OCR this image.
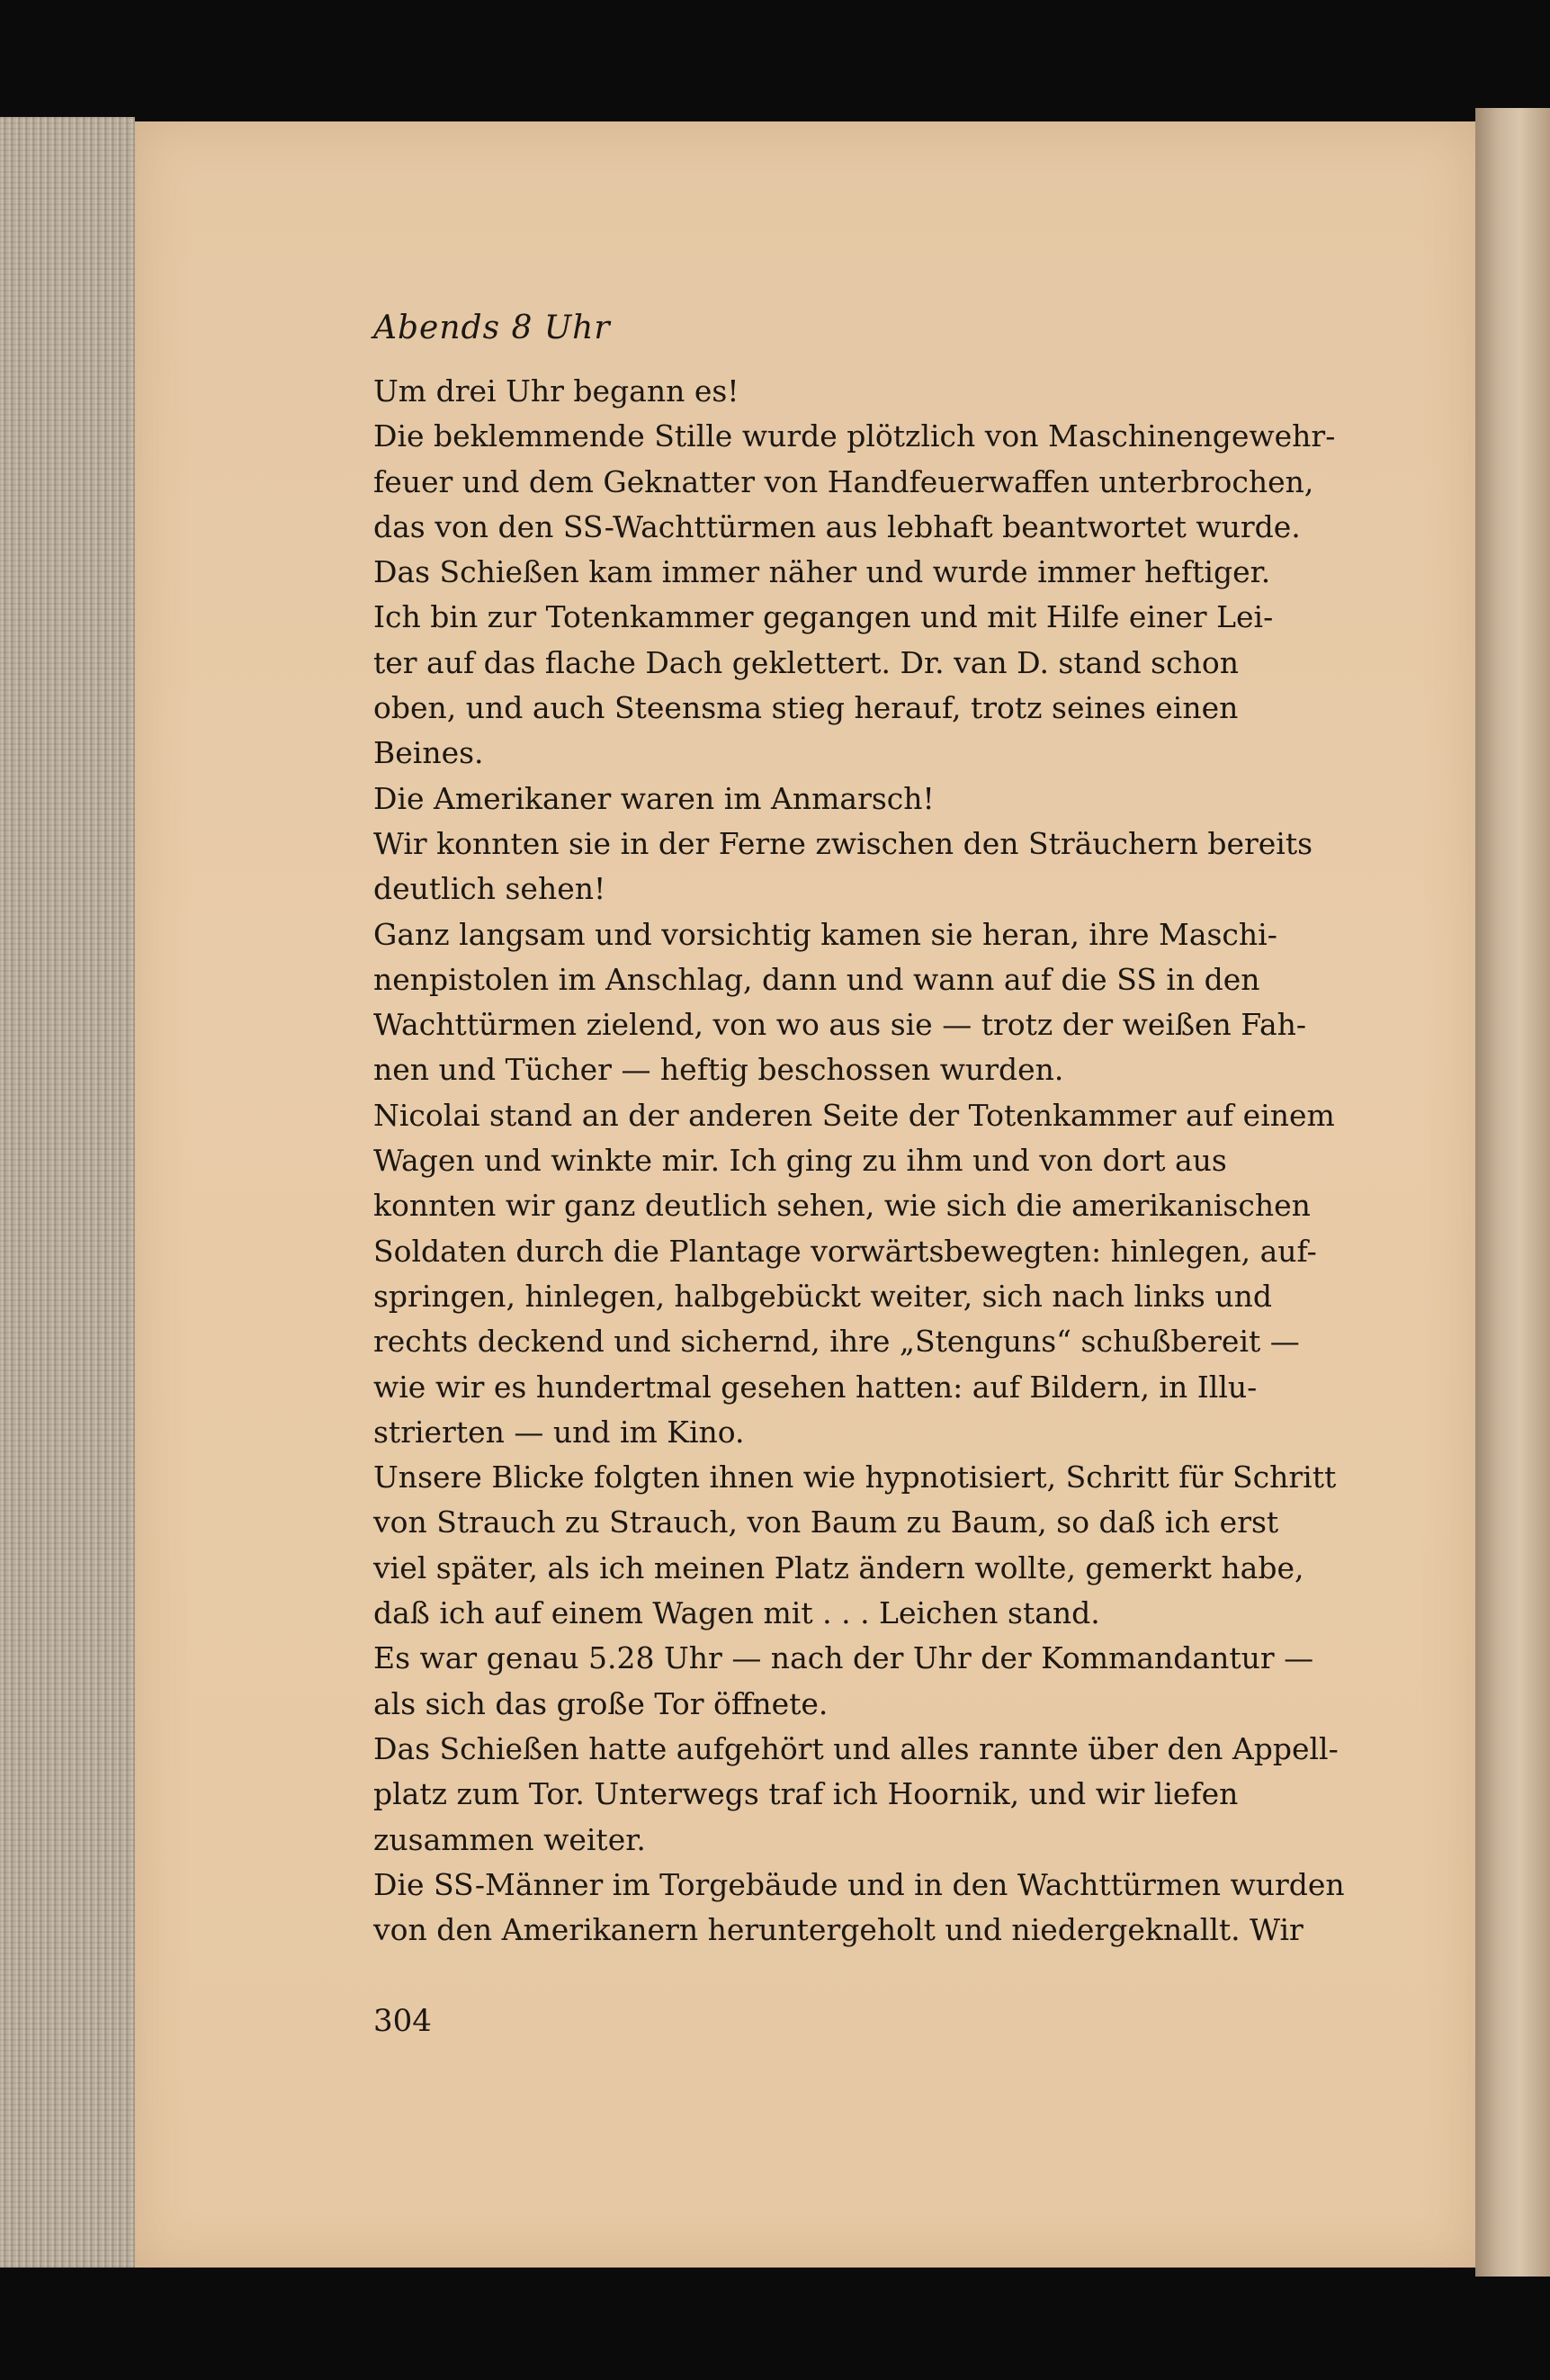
Abends 8 Uhr
Um drei Uhr begann es!
Die beklemmende Stille wurde plötzlich von Maschinengewehr-
feuer und dem Geknatter von Handfeuerwaffen unterbrochen,
das von den SS-Wachttürmen aus lebhaft beantwortet wurde.
Das Schießen kam immer näher und wurde immer heftiger.
Ich bin zur Totenkammer gegangen und mit Hilfe einer Lei-
ter auf das flache Dach geklettert. Dr. van D. stand schon
oben, und auch Steensma stieg herauf, trotz seines einen
Beines.
Die Amerikaner waren im Anmarsch!
Wir konnten sie in der Ferne zwischen den Sträuchern bereits
deutlich sehen!
Ganz langsam und vorsichtig kamen sie heran, ihre Maschi-
nenpistolen im Anschlag, dann und wann auf die SS in den
Wachttürmen zielend, von wo aus sie — trotz der weißen Fah-
nen und Tücher — heftig beschossen wurden.
Nicolai stand an der anderen Seite der Totenkammer auf einem
Wagen und winkte mir. Ich ging zu ihm und von dort aus
konnten wir ganz deutlich sehen, wie sich die amerikanischen
Soldaten durch die Plantage vorwärtsbewegten: hinlegen, auf-
springen, hinlegen, halbgebückt weiter, sich nach links und
rechts deckend und sichernd, ihre „Stenguns“ schußbereit —
wie wir es hundertmal gesehen hatten: auf Bildern, in Illu-
strierten — und im Kino.
Unsere Blicke folgten ihnen wie hypnotisiert, Schritt für Schritt
von Strauch zu Strauch, von Baum zu Baum, so daß ich erst
viel später, als ich meinen Platz ändern wollte, gemerkt habe,
daß ich auf einem Wagen mit . . . Leichen stand.
Es war genau 5.28 Uhr — nach der Uhr der Kommandantur —
als sich das große Tor öffnete.
Das Schießen hatte aufgehört und alles rannte über den Appell-
platz zum Tor. Unterwegs traf ich Hoornik, und wir liefen
zusammen weiter.
Die SS-Männer im Torgebäude und in den Wachttürmen wurden
von den Amerikanern heruntergeholt und niedergeknallt. Wir
304
